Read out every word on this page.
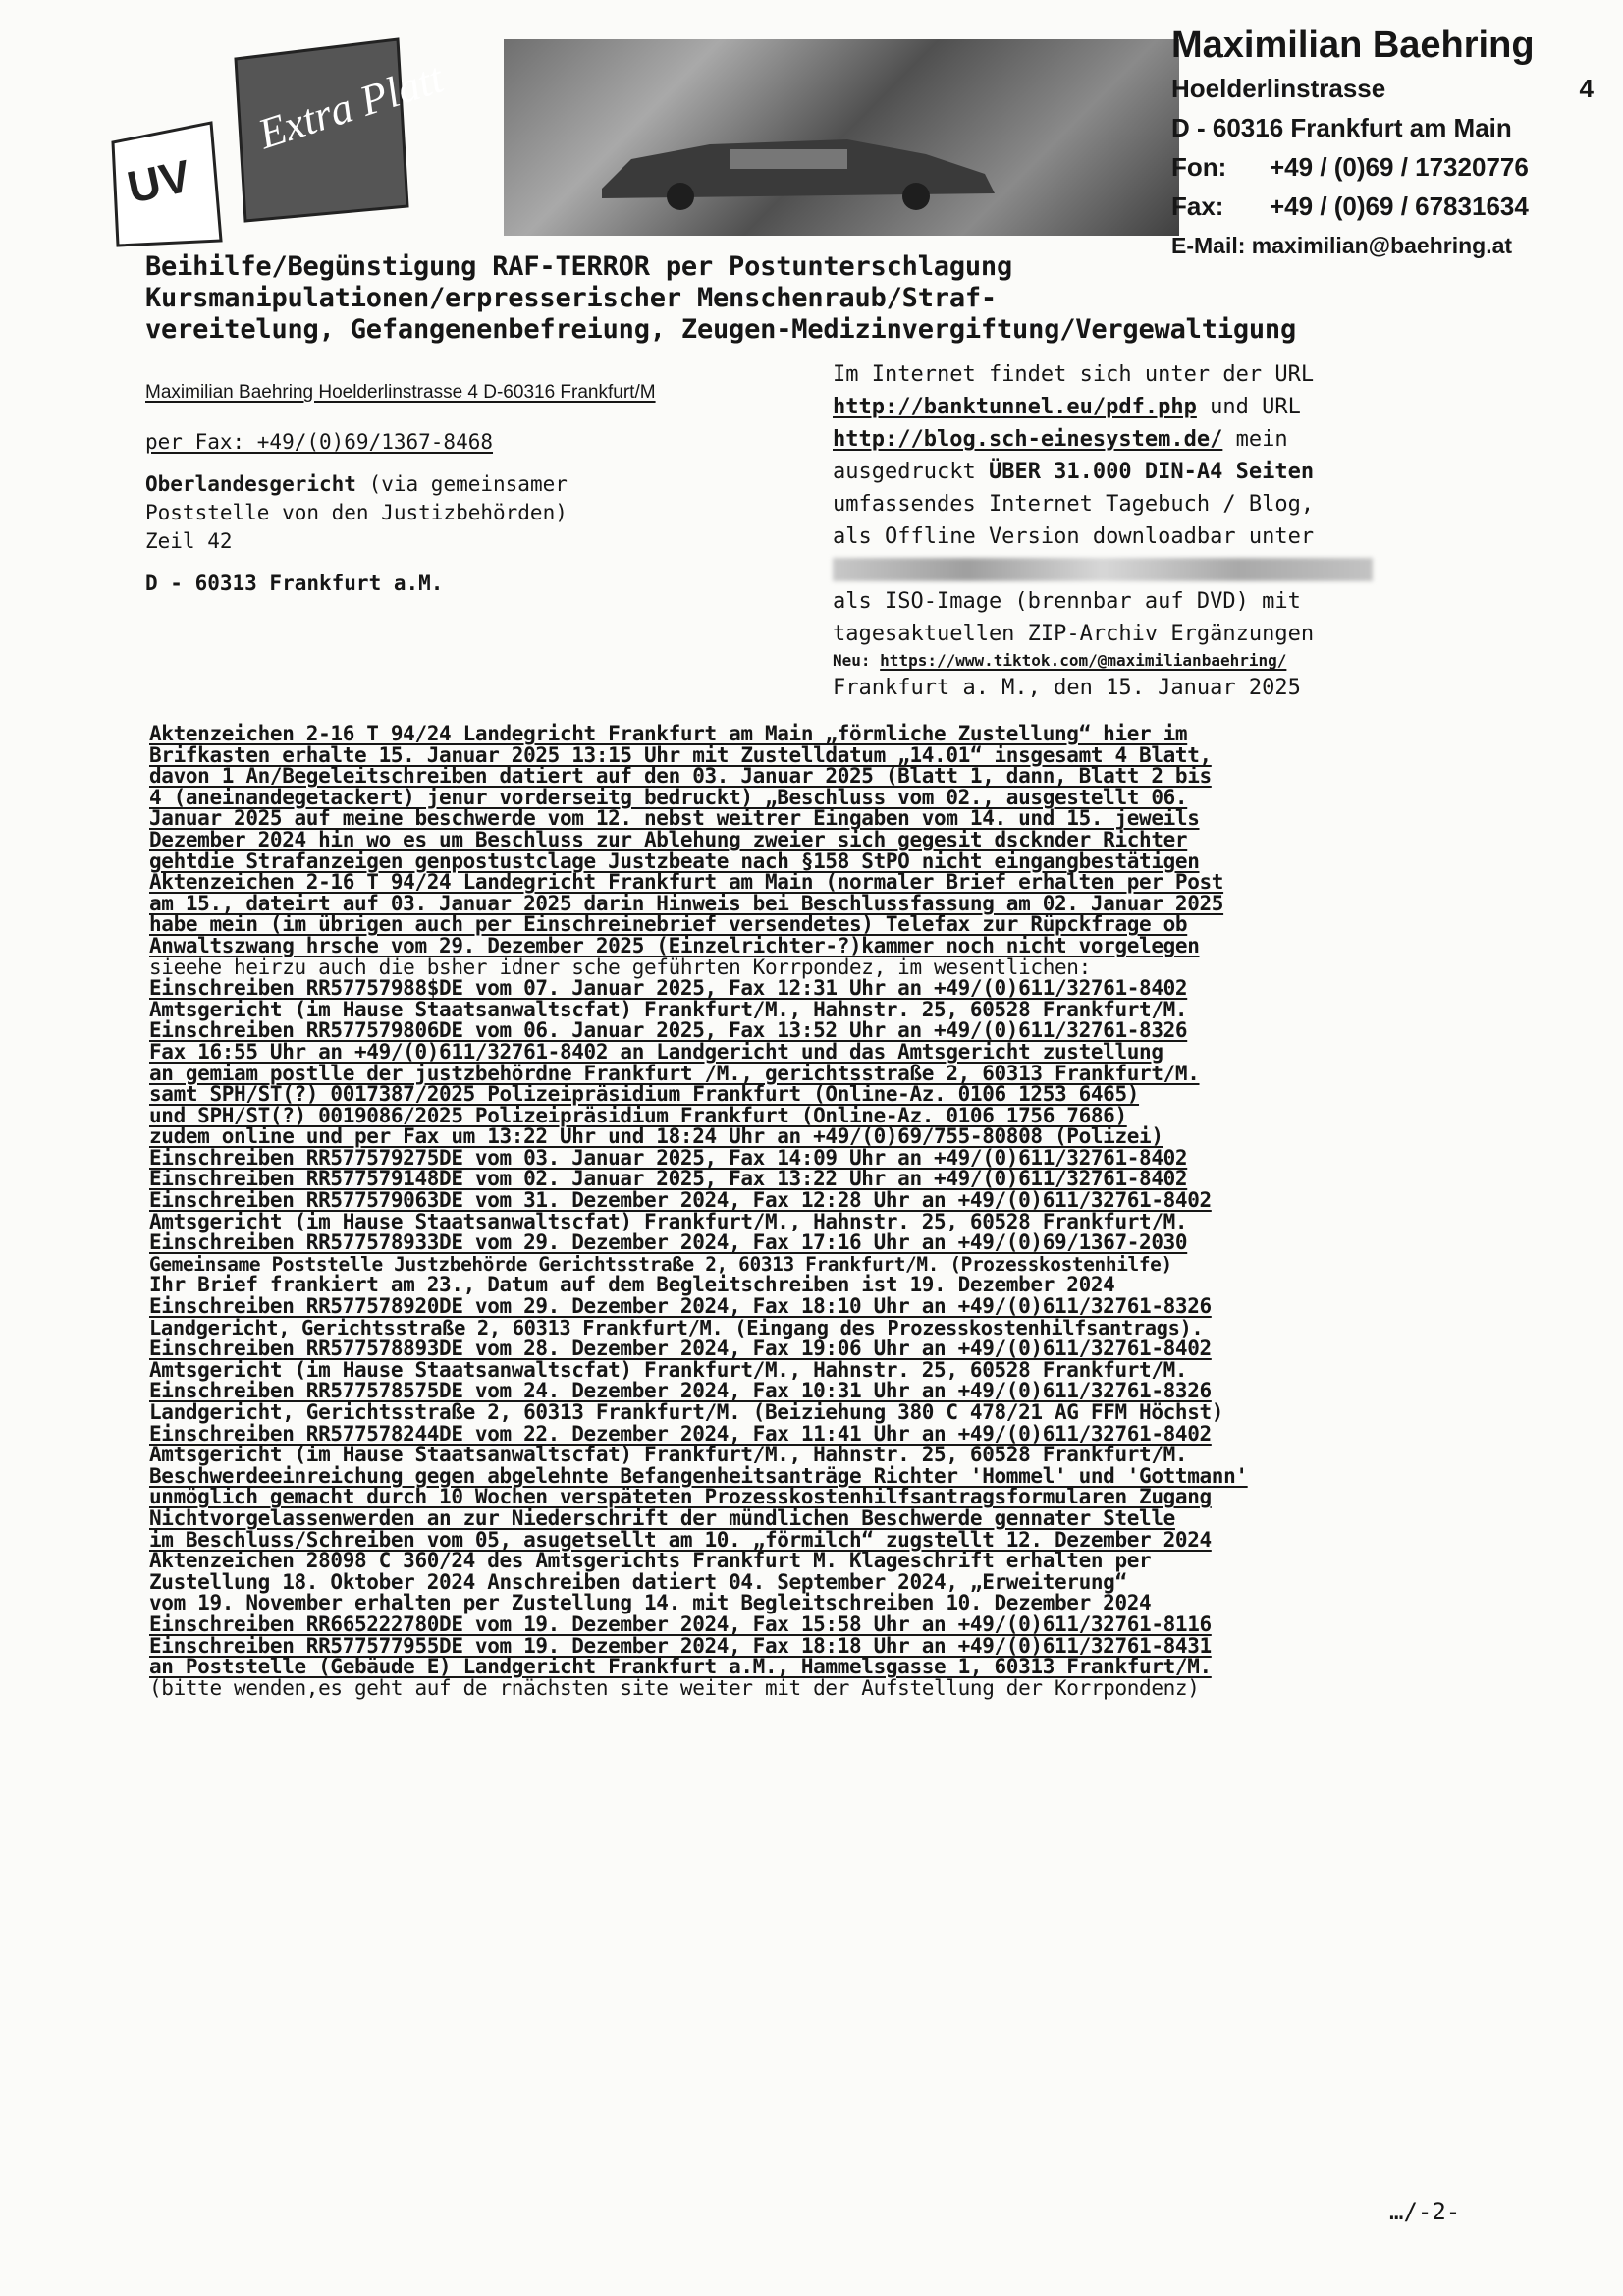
UV
Extra Platt
Maximilian Baehring
Hoelderlinstrasse	4
D - 60316 Frankfurt am Main
Fon:	+49 / (0)69 / 17320776
Fax:	+49 / (0)69 / 67831634
E-Mail: maximilian@baehring.at
Beihilfe/Begünstigung RAF-TERROR per Postunterschlagung
Kursmanipulationen/erpresserischer Menschenraub/Straf-
vereitelung, Gefangenenbefreiung, Zeugen-Medizinvergiftung/Vergewaltigung
Maximilian Baehring Hoelderlinstrasse 4 D-60316 Frankfurt/M
per Fax: +49/(0)69/1367-8468
Oberlandesgericht (via gemeinsamer
Poststelle von den Justizbehörden)
Zeil 42
D - 60313 Frankfurt a.M.
Im Internet findet sich unter der URL
http://banktunnel.eu/pdf.php und URL
http://blog.sch-einesystem.de/ mein
ausgedruckt ÜBER 31.000 DIN-A4 Seiten
umfassendes Internet Tagebuch / Blog,
als Offline Version downloadbar unter
als ISO-Image (brennbar auf DVD) mit
tagesaktuellen ZIP-Archiv Ergänzungen
Neu: https://www.tiktok.com/@maximilianbaehring/
Frankfurt a. M., den 15. Januar 2025

Aktenzeichen 2-16 T 94/24 Landegricht Frankfurt am Main „förmliche Zustellung“ hier im

Brifkasten erhalte 15. Januar 2025 13:15 Uhr mit Zustelldatum „14.01“ insgesamt 4 Blatt,

davon 1 An/Begeleitschreiben datiert auf den 03. Januar 2025 (Blatt 1, dann, Blatt 2 bis

4 (aneinandegetackert) jenur vorderseitg bedruckt) „Beschluss vom 02., ausgestellt 06.

Januar 2025 auf meine beschwerde vom 12. nebst weitrer Eingaben vom 14. und 15. jeweils

Dezember 2024 hin wo es um Beschluss zur Ablehung zweier sich gegesit dscknder Richter

gehtdie Strafanzeigen genpostustclage Justzbeate nach §158 StPO nicht eingangbestätigen

Aktenzeichen 2-16 T 94/24 Landegricht Frankfurt am Main (normaler Brief erhalten per Post

am 15., dateirt auf 03. Januar 2025 darin Hinweis bei Beschlussfassung am 02. Januar 2025

habe mein (im übrigen auch per Einschreinebrief versendetes) Telefax zur Rüpckfrage ob

Anwaltszwang hrsche vom 29. Dezember 2025 (Einzelrichter-?)kammer noch nicht vorgelegen

sieehe heirzu auch die bsher idner sche geführten Korrpondez, im wesentlichen:

Einschreiben RR57757988$DE vom 07. Januar 2025, Fax 12:31 Uhr an +49/(0)611/32761-8402

Amtsgericht (im Hause Staatsanwaltscfat) Frankfurt/M., Hahnstr. 25, 60528 Frankfurt/M.

Einschreiben RR577579806DE vom 06. Januar 2025, Fax 13:52 Uhr an +49/(0)611/32761-8326

Fax 16:55 Uhr an +49/(0)611/32761-8402 an Landgericht und das Amtsgericht zustellung

an gemiam postlle der justzbehördne Frankfurt /M., gerichtsstraße 2, 60313 Frankfurt/M.

samt SPH/ST(?) 0017387/2025 Polizeipräsidium Frankfurt (Online-Az. 0106 1253 6465)

und SPH/ST(?) 0019086/2025 Polizeipräsidium Frankfurt (Online-Az. 0106 1756 7686)

zudem online und per Fax um 13:22 Uhr und 18:24 Uhr an +49/(0)69/755-80808 (Polizei)

Einschreiben RR577579275DE vom 03. Januar 2025, Fax 14:09 Uhr an +49/(0)611/32761-8402

Einschreiben RR577579148DE vom 02. Januar 2025, Fax 13:22 Uhr an +49/(0)611/32761-8402

Einschreiben RR577579063DE vom 31. Dezember 2024, Fax 12:28 Uhr an +49/(0)611/32761-8402

Amtsgericht (im Hause Staatsanwaltscfat) Frankfurt/M., Hahnstr. 25, 60528 Frankfurt/M.

Einschreiben RR577578933DE vom 29. Dezember 2024, Fax 17:16 Uhr an +49/(0)69/1367-2030

Gemeinsame Poststelle Justzbehörde Gerichtsstraße 2, 60313 Frankfurt/M. (Prozesskostenhilfe)

Ihr Brief frankiert am 23., Datum auf dem Begleitschreiben ist 19. Dezember 2024

Einschreiben RR577578920DE vom 29. Dezember 2024, Fax 18:10 Uhr an +49/(0)611/32761-8326

Landgericht, Gerichtsstraße 2, 60313 Frankfurt/M. (Eingang des Prozesskostenhilfsantrags).

Einschreiben RR577578893DE vom 28. Dezember 2024, Fax 19:06 Uhr an +49/(0)611/32761-8402

Amtsgericht (im Hause Staatsanwaltscfat) Frankfurt/M., Hahnstr. 25, 60528 Frankfurt/M.

Einschreiben RR577578575DE vom 24. Dezember 2024, Fax 10:31 Uhr an +49/(0)611/32761-8326

Landgericht, Gerichtsstraße 2, 60313 Frankfurt/M. (Beiziehung 380 C 478/21 AG FFM Höchst)

Einschreiben RR577578244DE vom 22. Dezember 2024, Fax 11:41 Uhr an +49/(0)611/32761-8402

Amtsgericht (im Hause Staatsanwaltscfat) Frankfurt/M., Hahnstr. 25, 60528 Frankfurt/M.

Beschwerdeeinreichung gegen abgelehnte Befangenheitsanträge Richter 'Hommel' und 'Gottmann'

unmöglich gemacht durch 10 Wochen verspäteten Prozesskostenhilfsantragsformularen Zugang

Nichtvorgelassenwerden an zur Niederschrift der mündlichen Beschwerde gennater Stelle

im Beschluss/Schreiben vom 05, asugetsellt am 10. „förmilch“ zugstellt 12. Dezember 2024

Aktenzeichen 28098 C 360/24 des Amtsgerichts Frankfurt M. Klageschrift erhalten per

Zustellung 18. Oktober 2024 Anschreiben datiert 04. September 2024, „Erweiterung“

vom 19. November erhalten per Zustellung 14. mit Begleitschreiben 10. Dezember 2024

Einschreiben RR665222780DE vom 19. Dezember 2024, Fax 15:58 Uhr an +49/(0)611/32761-8116

Einschreiben RR577577955DE vom 19. Dezember 2024, Fax 18:18 Uhr an +49/(0)611/32761-8431

an Poststelle (Gebäude E) Landgericht Frankfurt a.M., Hammelsgasse 1, 60313 Frankfurt/M.

(bitte wenden,es geht auf de rnächsten site weiter mit der Aufstellung der Korrpondenz)

…/-2-
